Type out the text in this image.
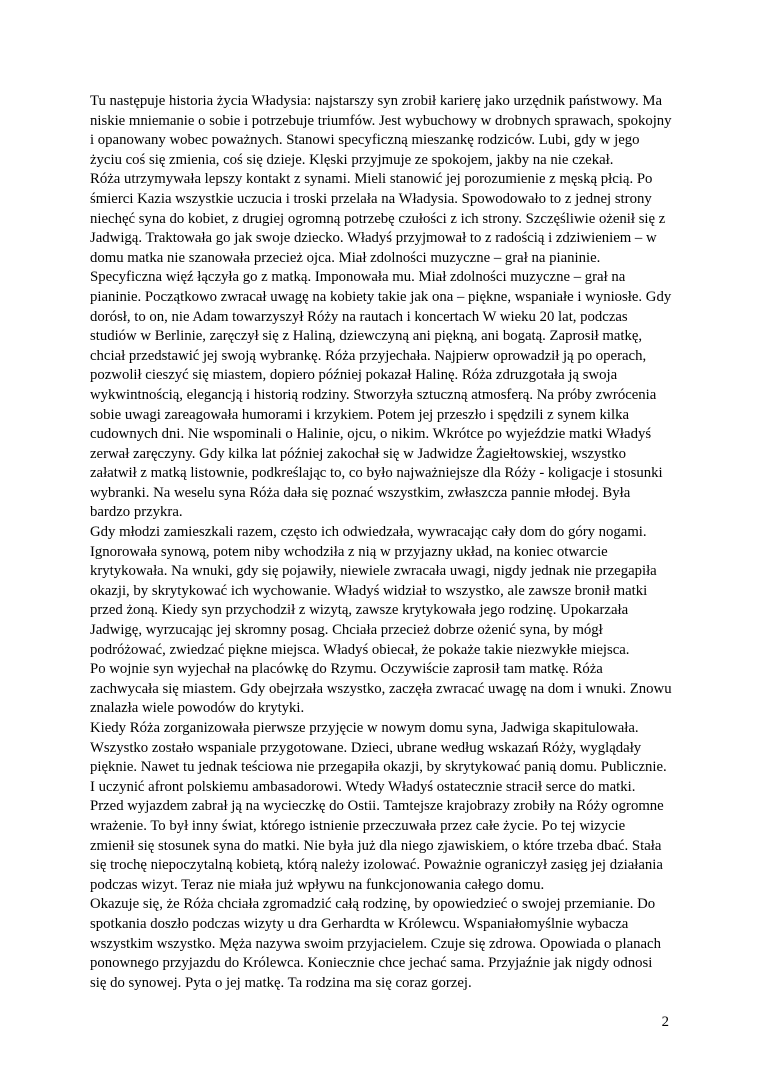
Tu następuje historia życia Władysia: najstarszy syn zrobił karierę jako urzędnik państwowy. Ma niskie mniemanie o sobie i potrzebuje triumfów. Jest wybuchowy w drobnych sprawach, spokojny i opanowany wobec poważnych. Stanowi specyficzną mieszankę rodziców. Lubi, gdy w jego życiu coś się zmienia, coś się dzieje. Klęski przyjmuje ze spokojem, jakby na nie czekał.

Róża utrzymywała lepszy kontakt z synami. Mieli stanowić jej porozumienie z męską płcią. Po śmierci Kazia wszystkie uczucia i troski przelała na Władysia. Spowodowało to z jednej strony niechęć syna do kobiet, z drugiej ogromną potrzebę czułości z ich strony. Szczęśliwie ożenił się z Jadwigą. Traktowała go jak swoje dziecko. Władyś przyjmował to z radością i zdziwieniem – w domu matka nie szanowała przecież ojca. Miał zdolności muzyczne – grał na pianinie. Specyficzna więź łączyła go z matką. Imponowała mu. Miał zdolności muzyczne – grał na pianinie. Początkowo zwracał uwagę na kobiety takie jak ona – piękne, wspaniałe i wyniosłe. Gdy dorósł, to on, nie Adam towarzyszył Róży na rautach i koncertach W wieku 20 lat, podczas studiów w Berlinie, zaręczył się z Haliną, dziewczyną ani piękną, ani bogatą. Zaprosił matkę, chciał przedstawić jej swoją wybrankę. Róża przyjechała. Najpierw oprowadził ją po operach, pozwolił cieszyć się miastem, dopiero później pokazał Halinę. Róża zdruzgotała ją swoja wykwintnością, elegancją i historią rodziny. Stworzyła sztuczną atmosferą. Na próby zwrócenia sobie uwagi zareagowała humorami i krzykiem. Potem jej przeszło i spędzili z synem kilka cudownych dni. Nie wspominali o Halinie, ojcu, o nikim. Wkrótce po wyjeździe matki Władyś zerwał zaręczyny. Gdy kilka lat później zakochał się w Jadwidze Żagiełtowskiej, wszystko załatwił z matką listownie, podkreślając to, co było najważniejsze dla Róży - koligacje i stosunki wybranki. Na weselu syna Róża dała się poznać wszystkim, zwłaszcza pannie młodej. Była bardzo przykra.

Gdy młodzi zamieszkali razem, często ich odwiedzała, wywracając cały dom do góry nogami. Ignorowała synową, potem niby wchodziła z nią w przyjazny układ, na koniec otwarcie krytykowała. Na wnuki, gdy się pojawiły, niewiele zwracała uwagi, nigdy jednak nie przegapiła okazji, by skrytykować ich wychowanie. Władyś widział to wszystko, ale zawsze bronił matki przed żoną. Kiedy syn przychodził z wizytą, zawsze krytykowała jego rodzinę. Upokarzała Jadwigę, wyrzucając jej skromny posag. Chciała przecież dobrze ożenić syna, by mógł podróżować, zwiedzać piękne miejsca. Władyś obiecał, że pokaże takie niezwykłe miejsca.

Po wojnie syn wyjechał na placówkę do Rzymu. Oczywiście zaprosił tam matkę. Róża zachwycała się miastem. Gdy obejrzała wszystko, zaczęła zwracać uwagę na dom i wnuki. Znowu znalazła wiele powodów do krytyki.

Kiedy Róża zorganizowała pierwsze przyjęcie w nowym domu syna, Jadwiga skapitulowała. Wszystko zostało wspaniale przygotowane. Dzieci, ubrane według wskazań Róży, wyglądały pięknie. Nawet tu jednak teściowa nie przegapiła okazji, by skrytykować panią domu. Publicznie. I uczynić afront polskiemu ambasadorowi. Wtedy Władyś ostatecznie stracił serce do matki. Przed wyjazdem zabrał ją na wycieczkę do Ostii. Tamtejsze krajobrazy zrobiły na Róży ogromne wrażenie. To był inny świat, którego istnienie przeczuwała przez całe życie. Po tej wizycie zmienił się stosunek syna do matki. Nie była już dla niego zjawiskiem, o które trzeba dbać. Stała się trochę niepoczytalną kobietą, którą należy izolować. Poważnie ograniczył zasięg jej działania podczas wizyt. Teraz nie miała już wpływu na funkcjonowania całego domu.

Okazuje się, że Róża chciała zgromadzić całą rodzinę, by opowiedzieć o swojej przemianie. Do spotkania doszło podczas wizyty u dra Gerhardta w Królewcu. Wspaniałomyślnie wybacza wszystkim wszystko. Męża nazywa swoim przyjacielem. Czuje się zdrowa. Opowiada o planach ponownego przyjazdu do Królewca. Koniecznie chce jechać sama. Przyjaźnie jak nigdy odnosi się do synowej. Pyta o jej matkę. Ta rodzina ma się coraz gorzej.

2
